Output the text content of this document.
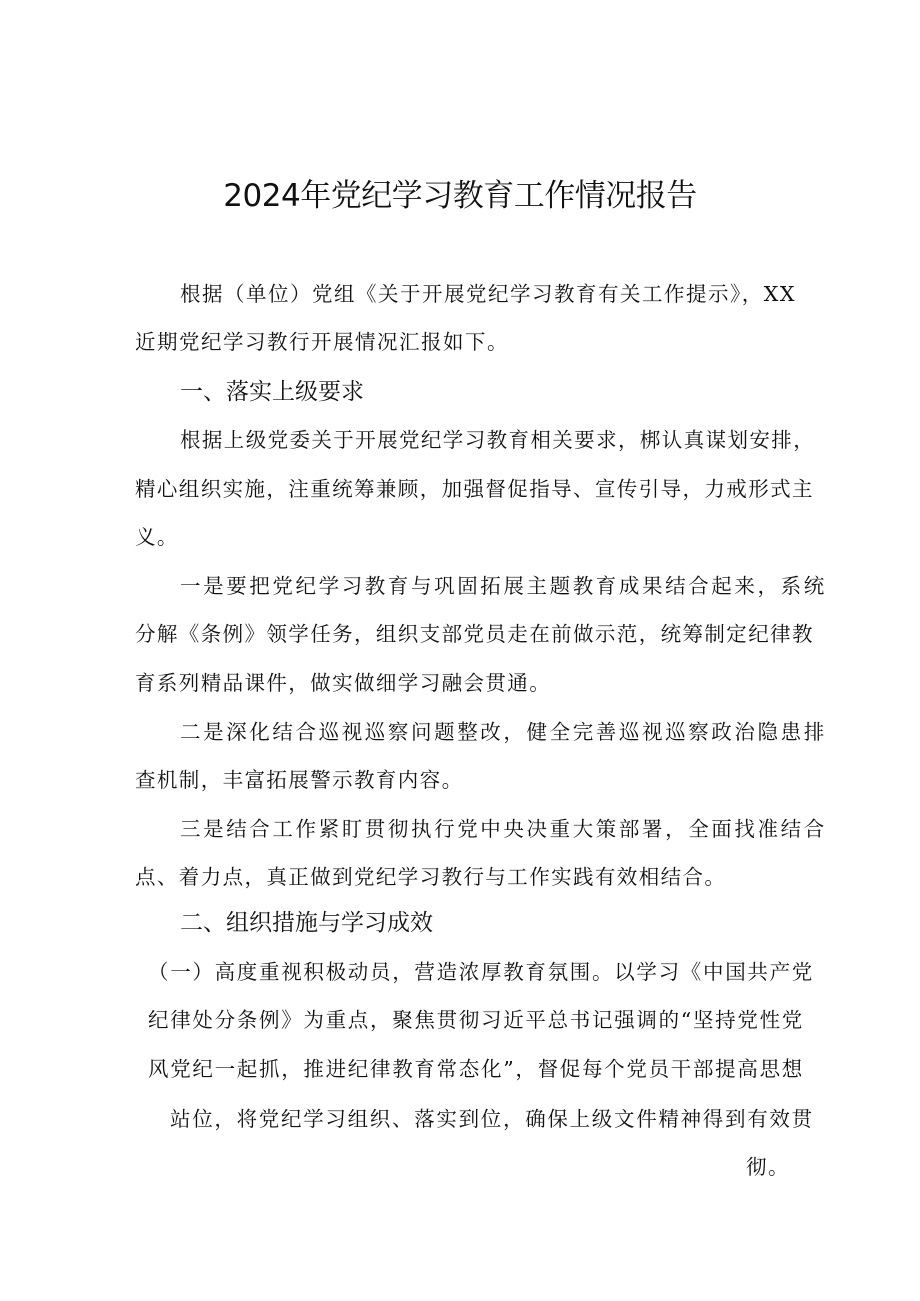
2024年党纪学习教育工作情况报告
根据（单位）党组《关于开展党纪学习教育有关工作提示》，XX
近期党纪学习教行开展情况汇报如下。
一、落实上级要求
根据上级党委关于开展党纪学习教育相关要求，梆认真谋划安排，
精心组织实施，注重统筹兼顾，加强督促指导、宣传引导，力戒形式主
义。
一是要把党纪学习教育与巩固拓展主题教育成果结合起来，系统
分解《条例》领学任务，组织支部党员走在前做示范，统筹制定纪律教
育系列精品课件，做实做细学习融会贯通。
二是深化结合巡视巡察问题整改，健全完善巡视巡察政治隐患排
查机制，丰富拓展警示教育内容。
三是结合工作紧盯贯彻执行党中央决重大策部署，全面找准结合
点、着力点，真正做到党纪学习教行与工作实践有效相结合。
二、组织措施与学习成效
（一）高度重视积极动员，营造浓厚教育氛围。以学习《中国共产党
纪律处分条例》为重点，聚焦贯彻习近平总书记强调的“坚持党性党
风党纪一起抓，推进纪律教育常态化”，督促每个党员干部提高思想
站位，将党纪学习组织、落实到位，确保上级文件精神得到有效贯
彻。
